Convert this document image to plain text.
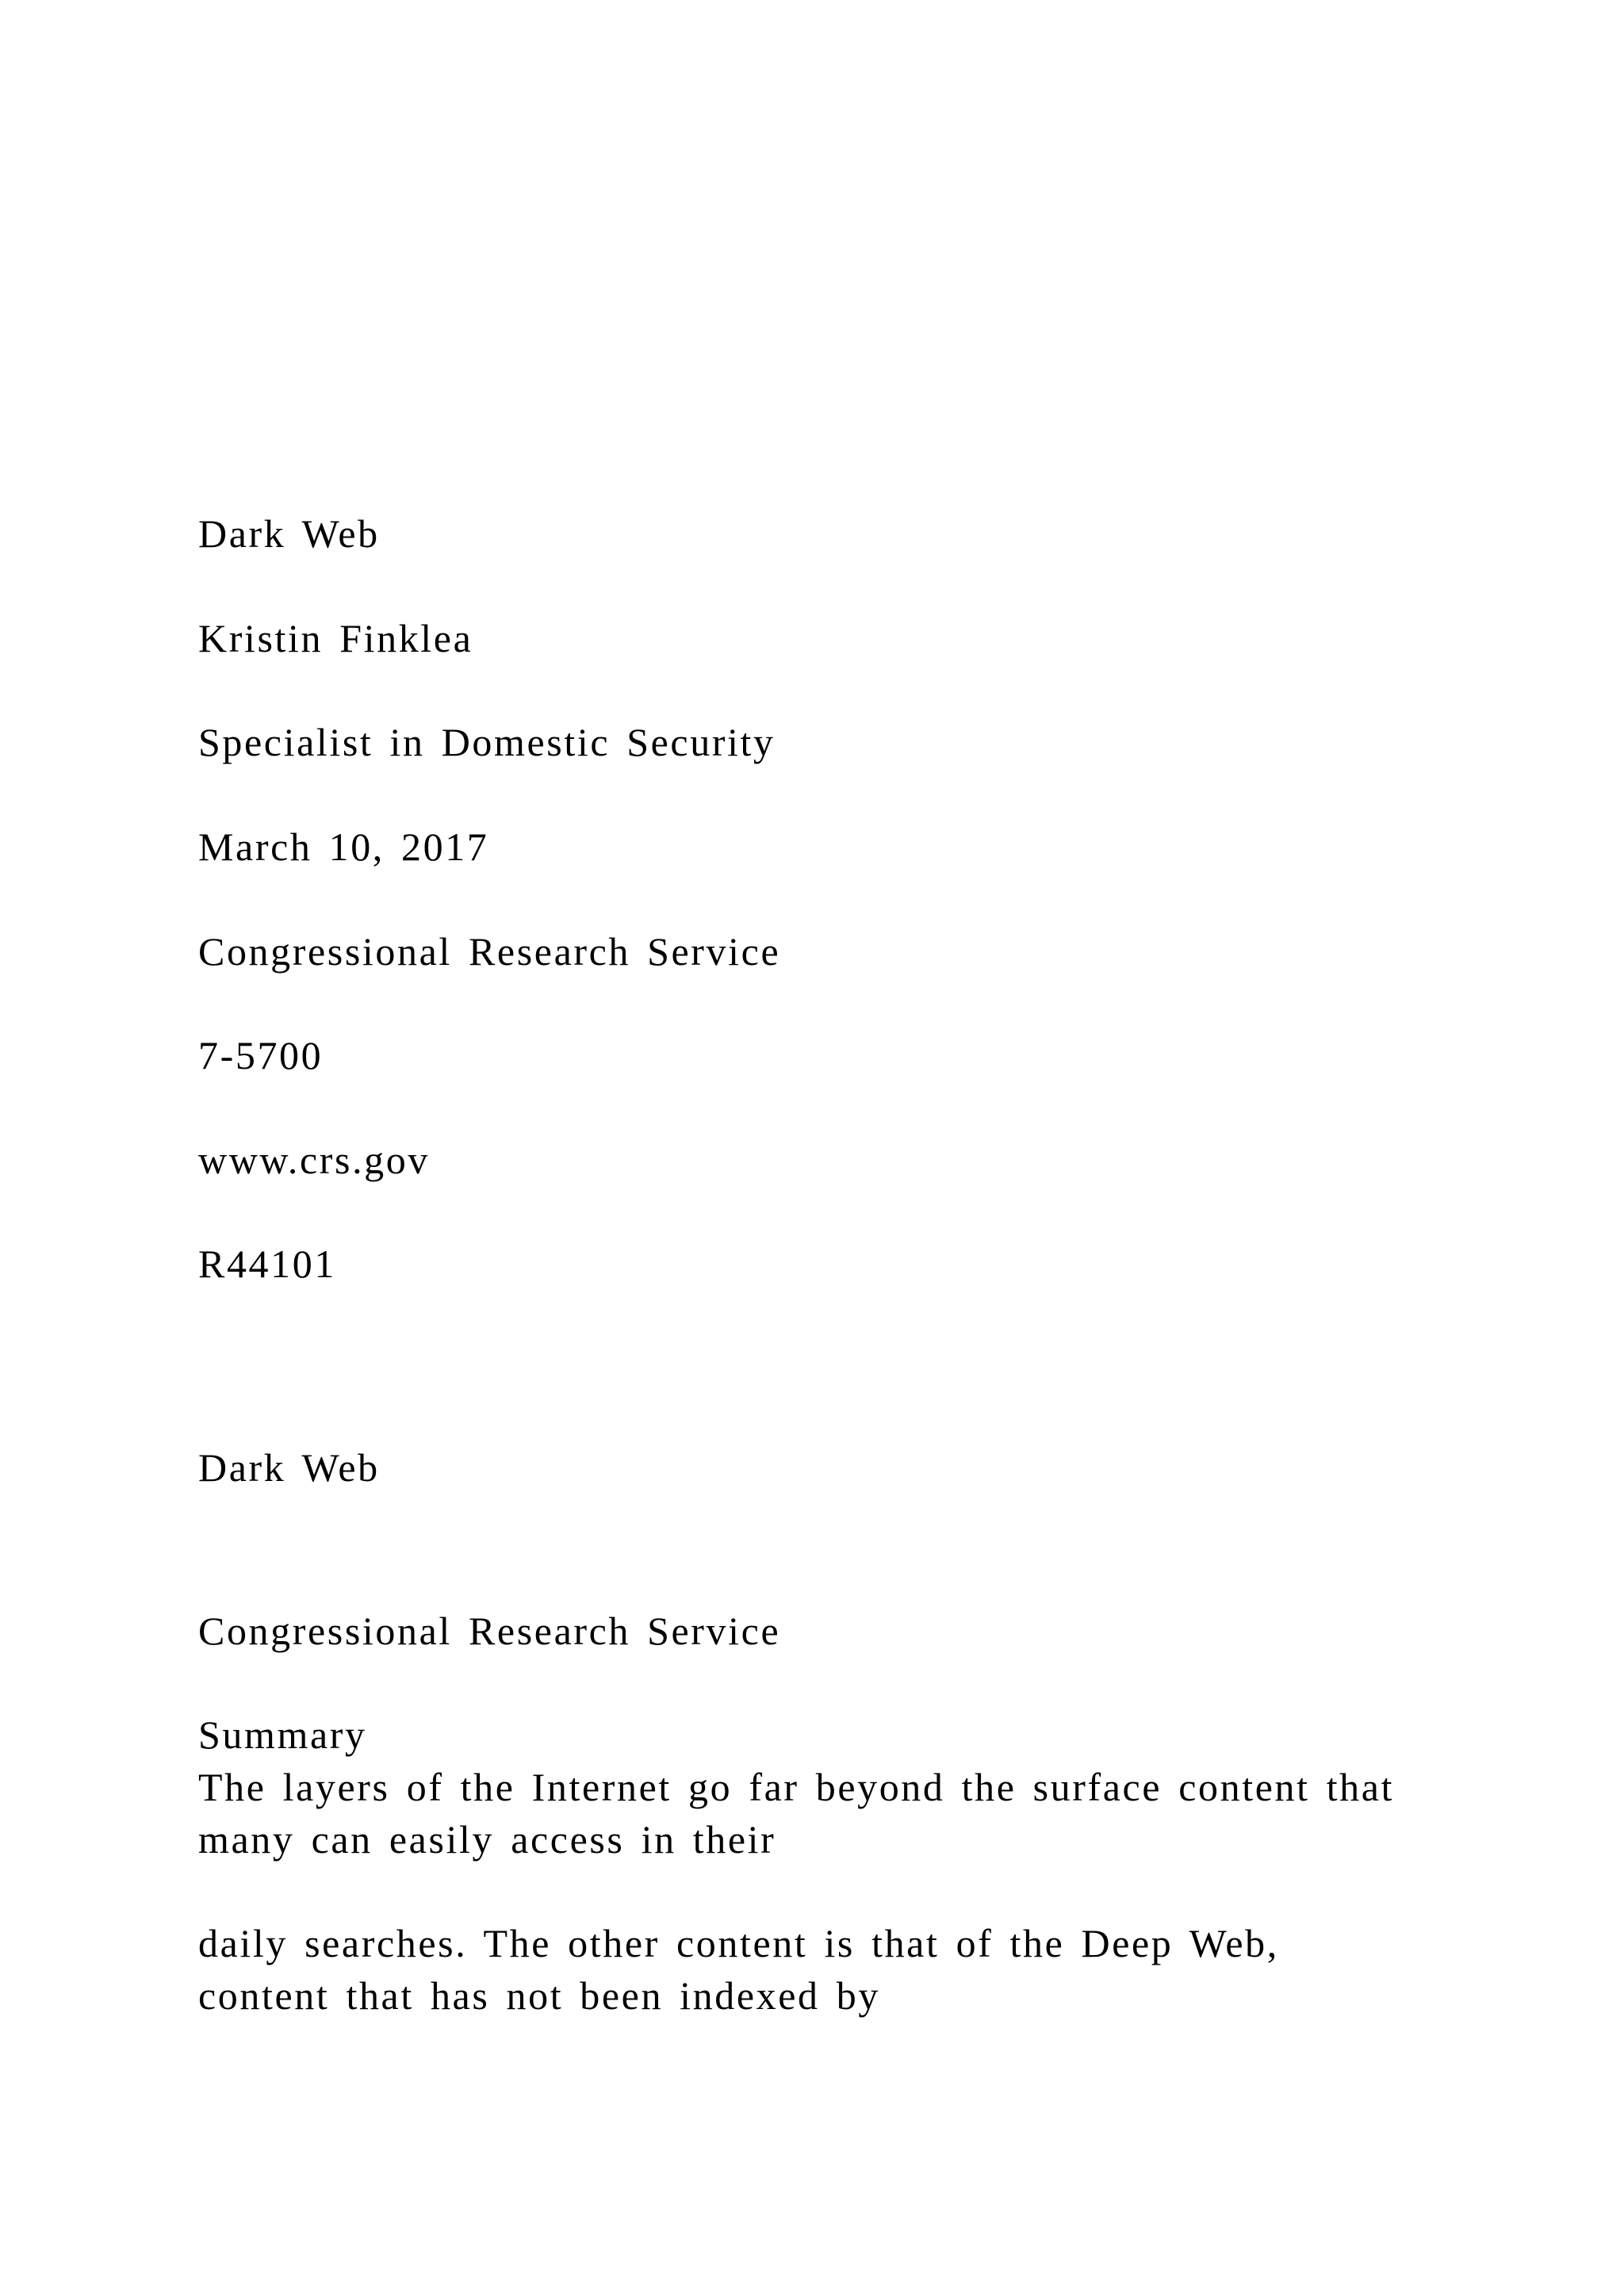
Dark Web
Kristin Finklea
Specialist in Domestic Security
March 10, 2017
Congressional Research Service
7-5700
www.crs.gov
R44101
Dark Web
Congressional Research Service
Summary
The layers of the Internet go far beyond the surface content that
many can easily access in their
daily searches. The other content is that of the Deep Web,
content that has not been indexed by
